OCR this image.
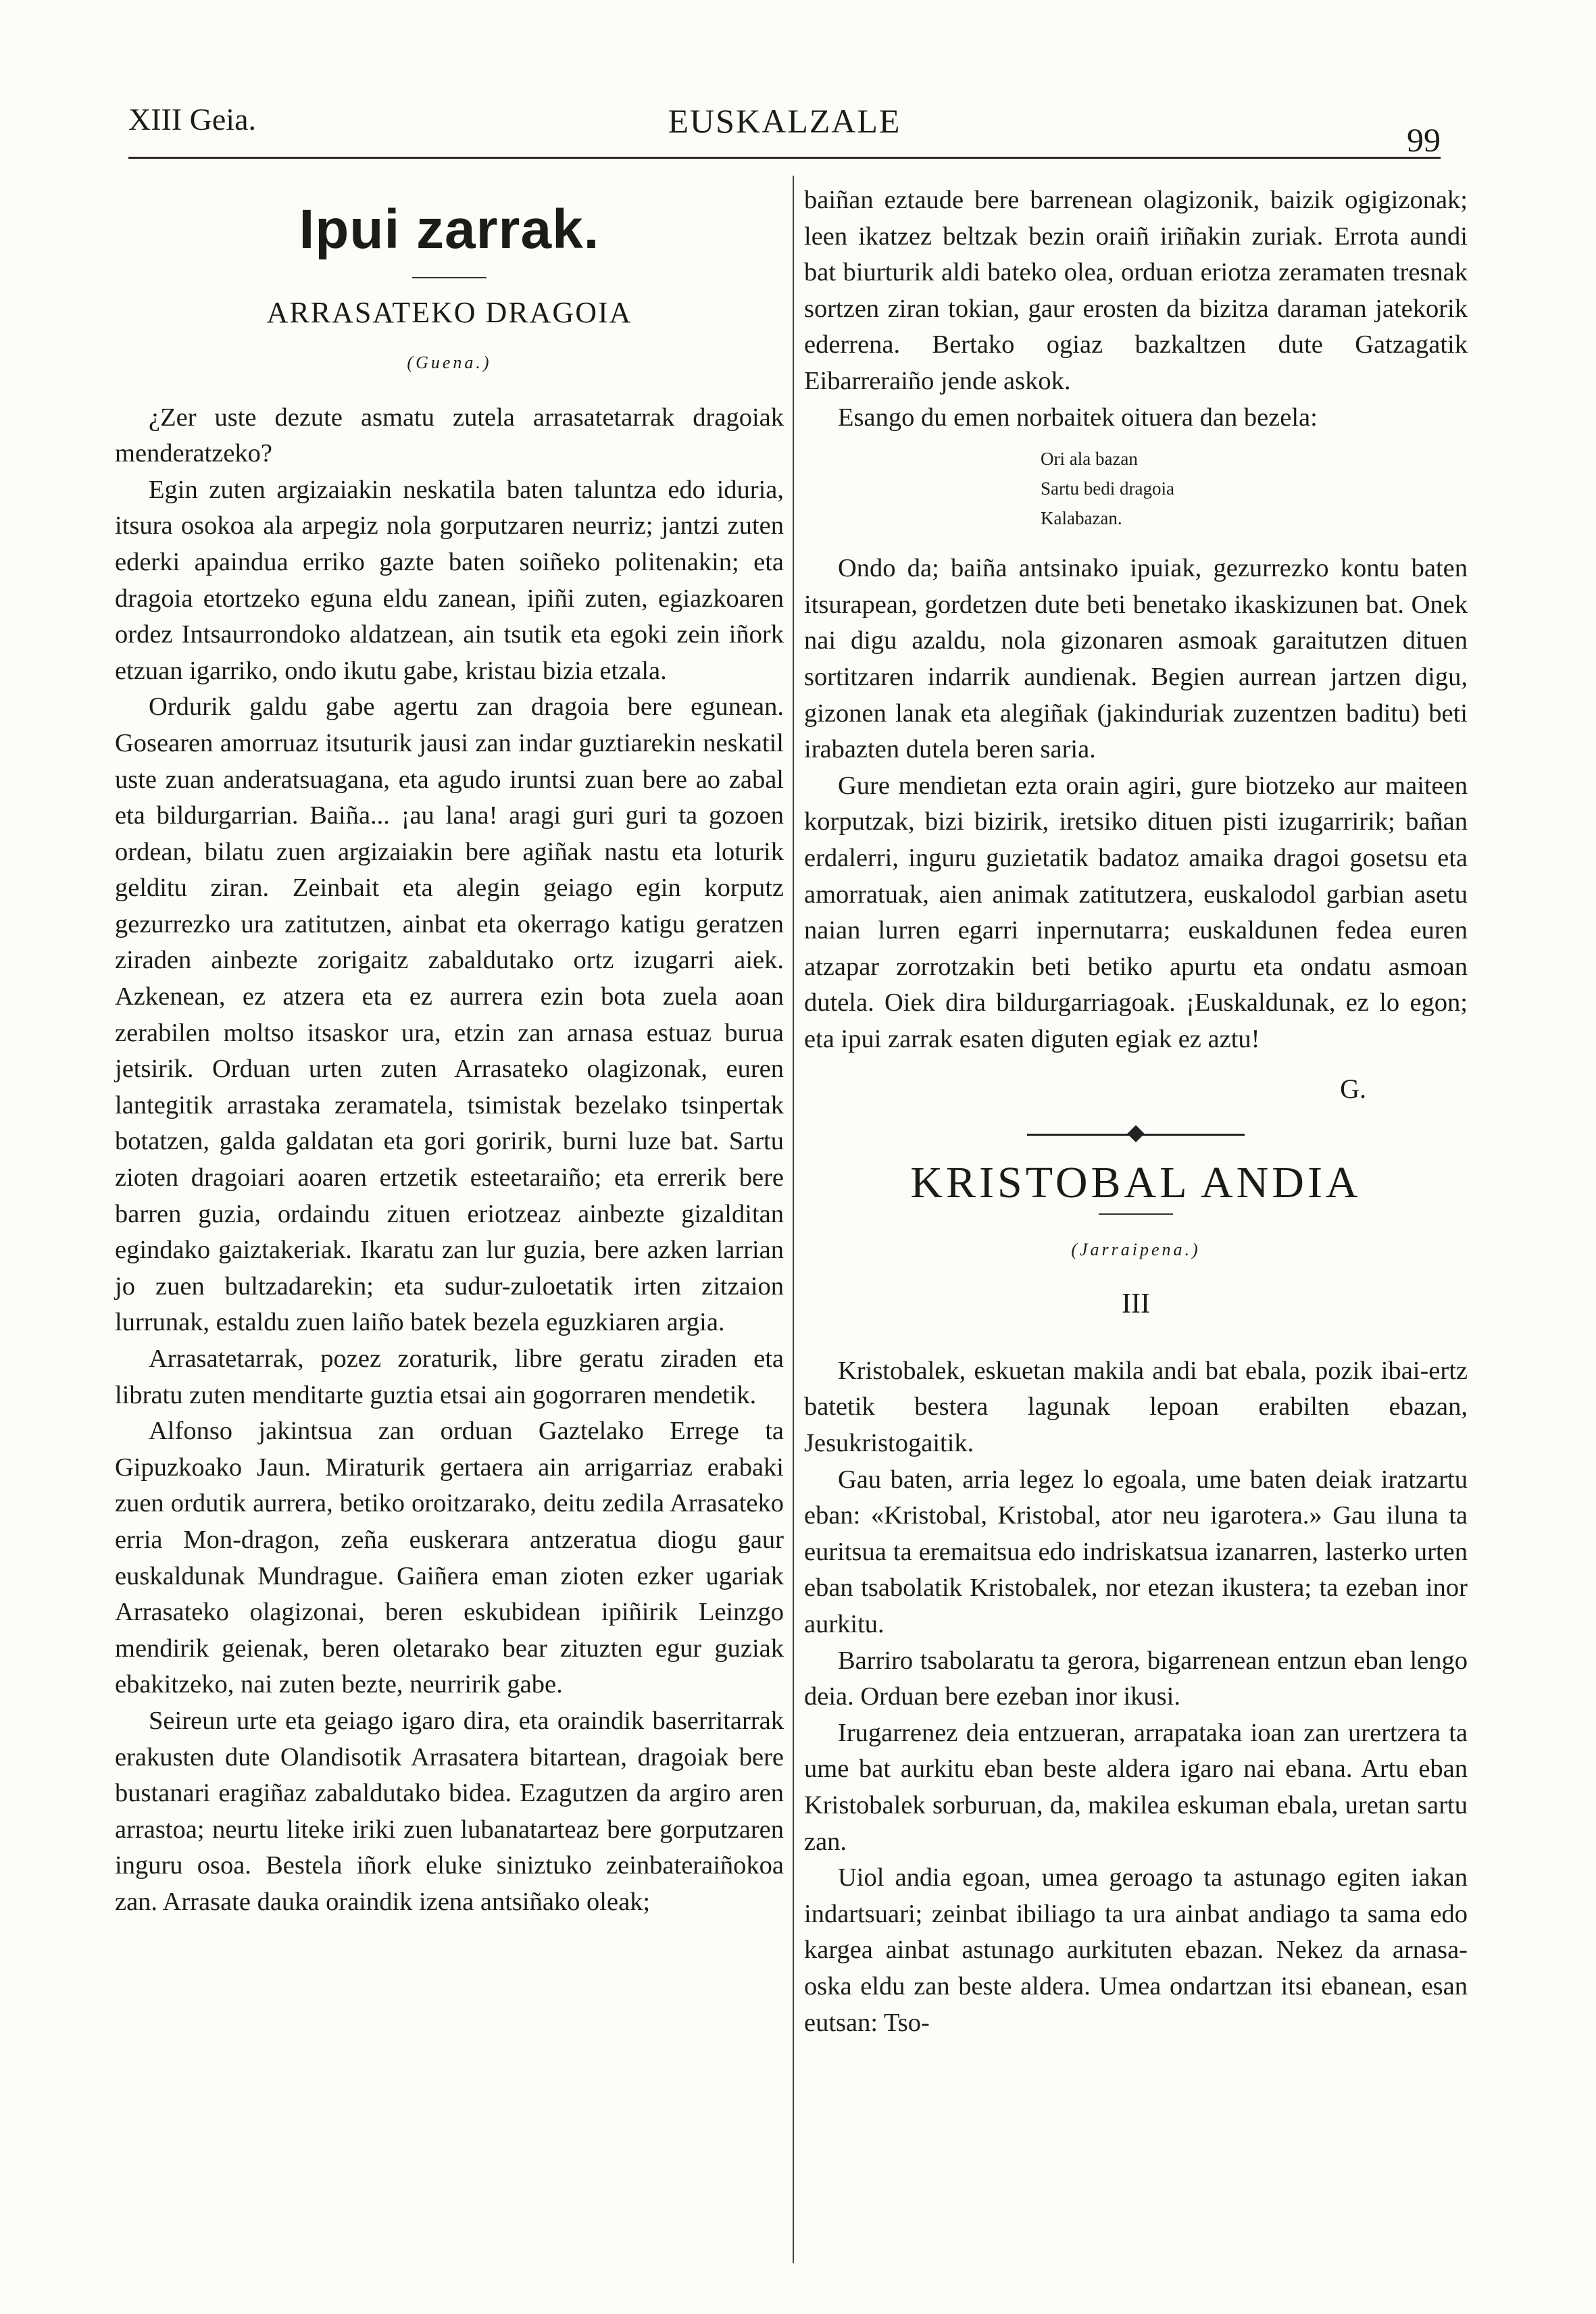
XIII Geia.	EUSKALZALE	99
Ipui zarrak.
ARRASATEKO DRAGOIA
(Guena.)

¿Zer uste dezute asmatu zutela arrasatetarrak dragoiak menderatzeko?

Egin zuten argizaiakin neskatila baten taluntza edo iduria, itsura osokoa ala arpegiz nola gorputzaren neurriz; jantzi zuten ederki apaindua erriko gazte baten soiñeko politenakin; eta dragoia etortzeko eguna eldu zanean, ipiñi zuten, egiazkoaren ordez Intsaurrondoko aldatzean, ain tsutik eta egoki zein iñork etzuan igarriko, ondo ikutu gabe, kristau bizia etzala.

Ordurik galdu gabe agertu zan dragoia bere egunean. Gosearen amorruaz itsuturik jausi zan indar guztiarekin neskatil uste zuan anderatsuagana, eta agudo iruntsi zuan bere ao zabal eta bildurgarrian. Baiña... ¡au lana! aragi guri guri ta gozoen ordean, bilatu zuen argizaiakin bere agiñak nastu eta loturik gelditu ziran. Zeinbait eta alegin geiago egin korputz gezurrezko ura zatitutzen, ainbat eta okerrago katigu geratzen ziraden ainbezte zorigaitz zabaldutako ortz izugarri aiek. Azkenean, ez atzera eta ez aurrera ezin bota zuela aoan zerabilen moltso itsaskor ura, etzin zan arnasa estuaz burua jetsirik. Orduan urten zuten Arrasateko olagizonak, euren lantegitik arrastaka zeramatela, tsimistak bezelako tsinpertak botatzen, galda galdatan eta gori goririk, burni luze bat. Sartu zioten dragoiari aoaren ertzetik esteetaraiño; eta errerik bere barren guzia, ordaindu zituen eriotzeaz ainbezte gizalditan egindako gaiztakeriak. Ikaratu zan lur guzia, bere azken larrian jo zuen bultzadarekin; eta sudur-zuloetatik irten zitzaion lurrunak, estaldu zuen laiño batek bezela eguzkiaren argia.

Arrasatetarrak, pozez zoraturik, libre geratu ziraden eta libratu zuten menditarte guztia etsai ain gogorraren mendetik.

Alfonso jakintsua zan orduan Gaztelako Errege ta Gipuzkoako Jaun. Miraturik gertaera ain arrigarriaz erabaki zuen ordutik aurrera, betiko oroitzarako, deitu zedila Arrasateko erria Mon-dragon, zeña euskerara antzeratua diogu gaur euskaldunak Mundrague. Gaiñera eman zioten ezker ugariak Arrasateko olagizonai, beren eskubidean ipiñirik Leinzgo mendirik geienak, beren oletarako bear zituzten egur guziak ebakitzeko, nai zuten bezte, neurririk gabe.

Seireun urte eta geiago igaro dira, eta oraindik baserritarrak erakusten dute Olandisotik Arrasatera bitartean, dragoiak bere bustanari eragiñaz zabaldutako bidea. Ezagutzen da argiro aren arrastoa; neurtu liteke iriki zuen lubanatarteaz bere gorputzaren inguru osoa. Bestela iñork eluke siniztuko zeinbateraiñokoa zan. Arrasate dauka oraindik izena antsiñako oleak;

baiñan eztaude bere barrenean olagizonik, baizik ogigizonak; leen ikatzez beltzak bezin oraiñ iriñakin zuriak. Errota aundi bat biurturik aldi bateko olea, orduan eriotza zeramaten tresnak sortzen ziran tokian, gaur erosten da bizitza daraman jatekorik ederrena. Bertako ogiaz bazkaltzen dute Gatzagatik Eibarreraiño jende askok.

Esango du emen norbaitek oituera dan bezela:

Ori ala bazan
Sartu bedi dragoia
Kalabazan.

Ondo da; baiña antsinako ipuiak, gezurrezko kontu baten itsurapean, gordetzen dute beti benetako ikaskizunen bat. Onek nai digu azaldu, nola gizonaren asmoak garaitutzen dituen sortitzaren indarrik aundienak. Begien aurrean jartzen digu, gizonen lanak eta alegiñak (jakinduriak zuzentzen baditu) beti irabazten dutela beren saria.

Gure mendietan ezta orain agiri, gure biotzeko aur maiteen korputzak, bizi bizirik, iretsiko dituen pisti izugarririk; bañan erdalerri, inguru guzietatik badatoz amaika dragoi gosetsu eta amorratuak, aien animak zatitutzera, euskalodol garbian asetu naian lurren egarri inpernutarra; euskaldunen fedea euren atzapar zorrotzakin beti betiko apurtu eta ondatu asmoan dutela. Oiek dira bildurgarriagoak. ¡Euskaldunak, ez lo egon; eta ipui zarrak esaten diguten egiak ez aztu!

G.
KRISTOBAL ANDIA
(Jarraipena.)
III

Kristobalek, eskuetan makila andi bat ebala, pozik ibai-ertz batetik bestera lagunak lepoan erabilten ebazan, Jesukristogaitik.

Gau baten, arria legez lo egoala, ume baten deiak iratzartu eban: «Kristobal, Kristobal, ator neu igarotera.» Gau iluna ta euritsua ta eremaitsua edo indriskatsua izanarren, lasterko urten eban tsabolatik Kristobalek, nor etezan ikustera; ta ezeban inor aurkitu.

Barriro tsabolaratu ta gerora, bigarrenean entzun eban lengo deia. Orduan bere ezeban inor ikusi.

Irugarrenez deia entzueran, arrapataka ioan zan urertzera ta ume bat aurkitu eban beste aldera igaro nai ebana. Artu eban Kristobalek sorburuan, da, makilea eskuman ebala, uretan sartu zan.

Uiol andia egoan, umea geroago ta astunago egiten iakan indartsuari; zeinbat ibiliago ta ura ainbat andiago ta sama edo kargea ainbat astunago aurkituten ebazan. Nekez da arnasa-oska eldu zan beste aldera. Umea ondartzan itsi ebanean, esan eutsan: Tso-
